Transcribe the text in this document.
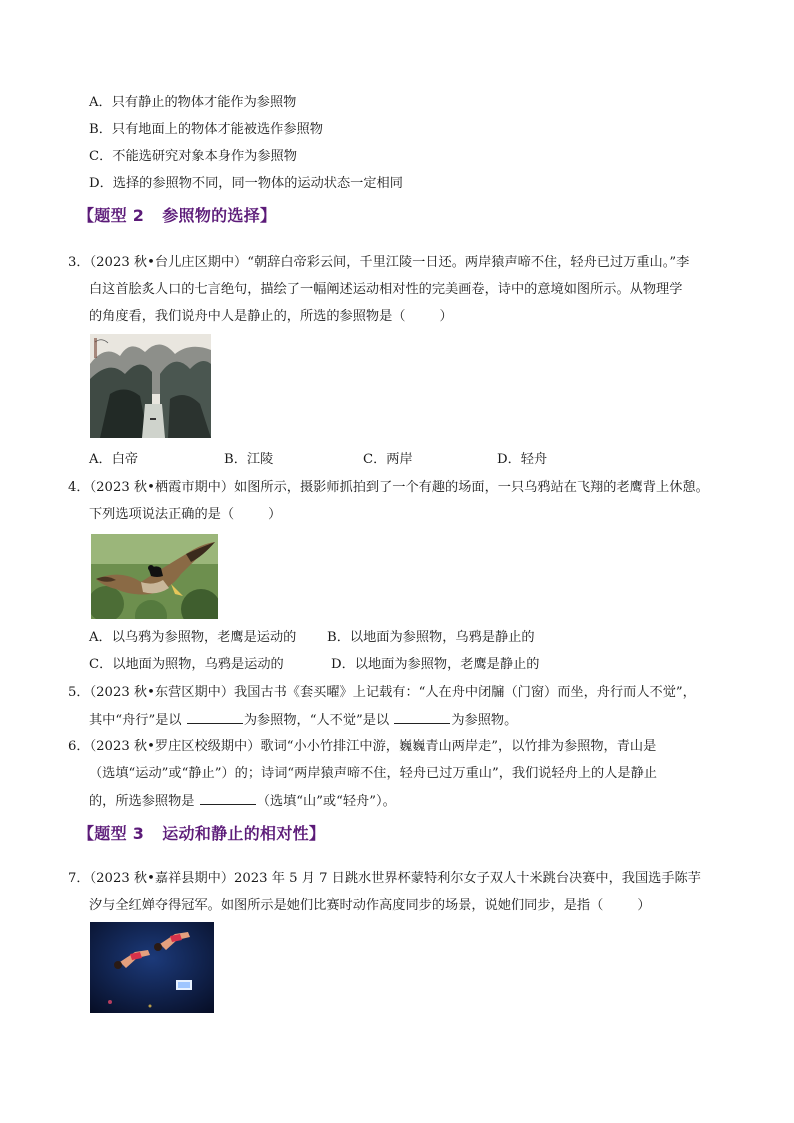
A．只有静止的物体才能作为参照物
B．只有地面上的物体才能被选作参照物
C．不能选研究对象本身作为参照物
D．选择的参照物不同，同一物体的运动状态一定相同
【题型 2 参照物的选择】
3．（2023 秋•台儿庄区期中）“朝辞白帝彩云间，千里江陵一日还。两岸猿声啼不住，轻舟已过万重山。”李
白这首脍炙人口的七言绝句，描绘了一幅阐述运动相对性的完美画卷，诗中的意境如图所示。从物理学
的角度看，我们说舟中人是静止的，所选的参照物是（	）
A．白帝	B．江陵	C．两岸	D．轻舟
4．（2023 秋•栖霞市期中）如图所示，摄影师抓拍到了一个有趣的场面，一只乌鸦站在飞翔的老鹰背上休憩。
下列选项说法正确的是（	）
A．以乌鸦为参照物，老鹰是运动的 B．以地面为参照物，乌鸦是静止的
C．以地面为照物，乌鸦是运动的	D．以地面为参照物，老鹰是静止的
5．（2023 秋•东营区期中）我国古书《套买曜》上记载有：“人在舟中闭牖（门窗）而坐，舟行而人不觉”，
其中“舟行”是以	为参照物，“人不觉”是以	为参照物。
6．（2023 秋•罗庄区校级期中）歌词“小小竹排江中游，巍巍青山两岸走”，以竹排为参照物，青山是
（选填“运动”或“静止”）的；诗词“两岸猿声啼不住，轻舟已过万重山”，我们说轻舟上的人是静止
的，所选参照物是	（选填“山”或“轻舟”）。
【题型 3 运动和静止的相对性】
7．（2023 秋•嘉祥县期中）2023 年 5 月 7 日跳水世界杯蒙特利尔女子双人十米跳台决赛中，我国选手陈芋
汐与全红婵夺得冠军。如图所示是她们比赛时动作高度同步的场景，说她们同步，是指（	）
